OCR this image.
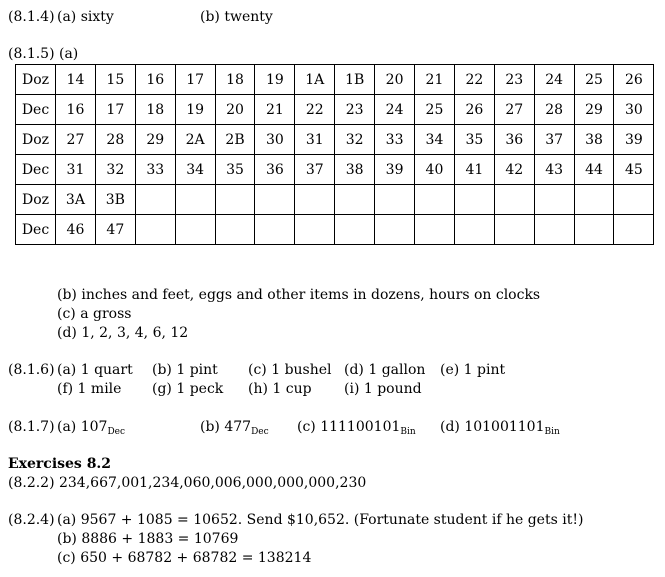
(8.1.4) (a) sixty	(b) twenty
(8.1.5) (a)
Doz	14	15	16	17	18	19	1A	1B	20	21	22	23	24	25	26
Dec	16	17	18	19	20	21	22	23	24	25	26	27	28	29	30
Doz	27	28	29	2A	2B	30	31	32	33	34	35	36	37	38	39
Dec	31	32	33	34	35	36	37	38	39	40	41	42	43	44	45
Doz	3A	3B													
Dec	46	47													
(b) inches and feet, eggs and other items in dozens, hours on clocks
(c) a gross
(d) 1, 2, 3, 4, 6, 12
(8.1.6) (a) 1 quart (b) 1 pint (c) 1 bushel (d) 1 gallon (e) 1 pint
(f) 1 mile (g) 1 peck (h) 1 cup (i) 1 pound
(8.1.7) (a) $107_{Dec}$	(b) $477_{Dec}$ (c) $111100101_{Bin}$ (d) $101001101_{Bin}$
Exercises 8.2
(8.2.2) 234,667,001,234,060,006,000,000,000,230
(8.2.4) (a) 9567 + 1085 = 10652. Send $10,652. (Fortunate student if he gets it!)
(b) 8886 + 1883 = 10769
(c) 650 + 68782 + 68782 = 138214
